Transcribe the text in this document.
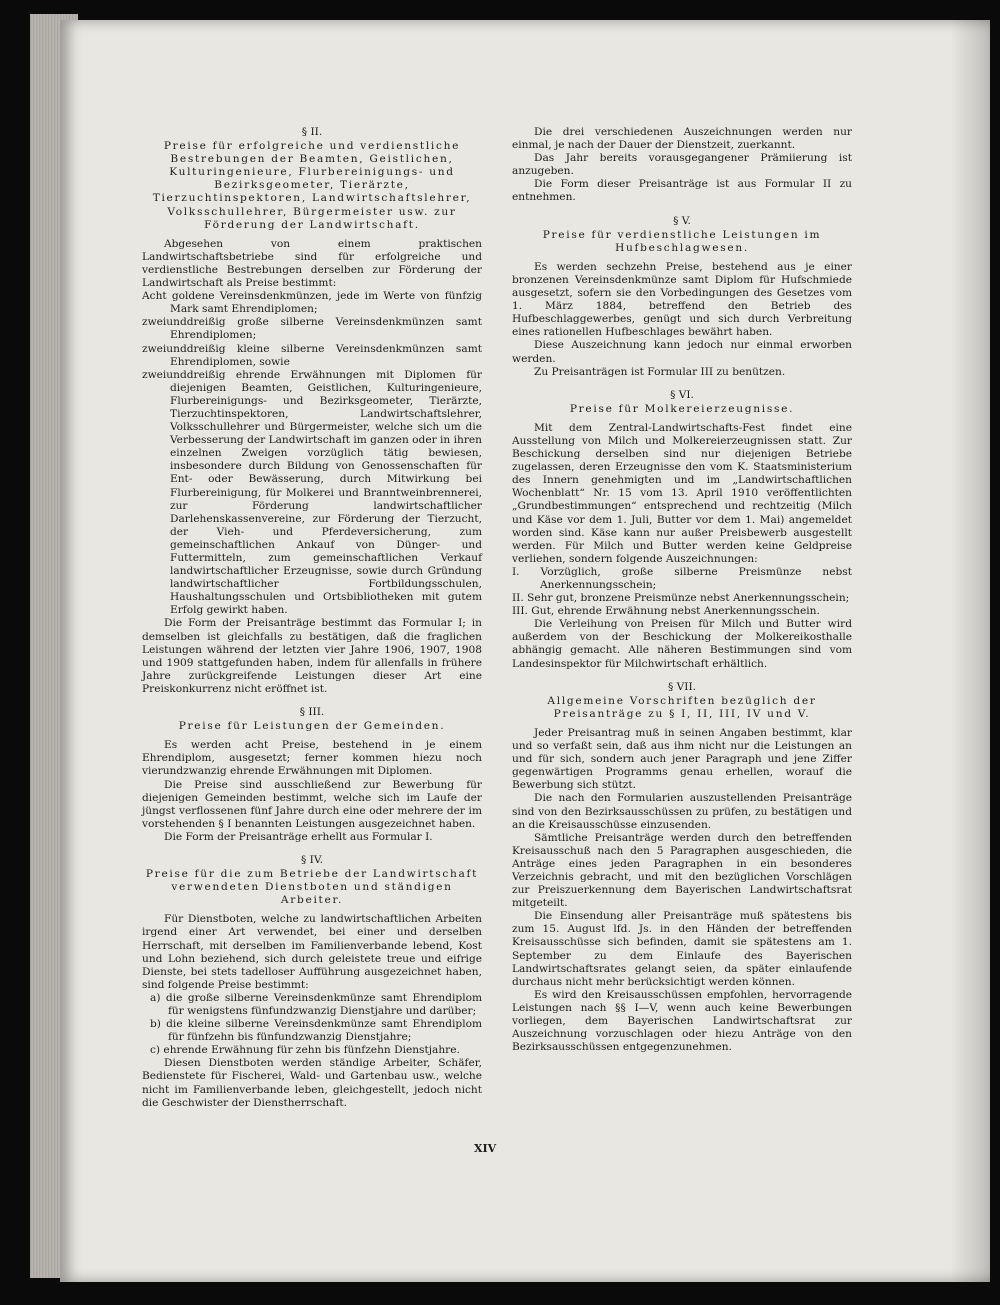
§ II.

Preise für erfolgreiche und verdienstliche Bestrebungen der Beamten, Geistlichen, Kulturingenieure, Flurbereinigungs- und Bezirksgeometer, Tierärzte, Tierzuchtinspektoren, Landwirtschaftslehrer, Volksschullehrer, Bürgermeister usw. zur Förderung der Landwirtschaft.

Abgesehen von einem praktischen Landwirtschaftsbetriebe sind für erfolgreiche und verdienstliche Bestrebungen derselben zur Förderung der Landwirtschaft als Preise bestimmt:

Acht goldene Vereinsdenkmünzen, jede im Werte von fünfzig Mark samt Ehrendiplomen;

zweiunddreißig große silberne Vereinsdenkmünzen samt Ehrendiplomen;

zweiunddreißig kleine silberne Vereinsdenkmünzen samt Ehrendiplomen, sowie

zweiunddreißig ehrende Erwähnungen mit Diplomen für diejenigen Beamten, Geistlichen, Kulturingenieure, Flurbereinigungs- und Bezirksgeometer, Tierärzte, Tierzuchtinspektoren, Landwirtschaftslehrer, Volksschullehrer und Bürgermeister, welche sich um die Verbesserung der Landwirtschaft im ganzen oder in ihren einzelnen Zweigen vorzüglich tätig bewiesen, insbesondere durch Bildung von Genossenschaften für Ent- oder Bewässerung, durch Mitwirkung bei Flurbereinigung, für Molkerei und Branntweinbrennerei, zur Förderung landwirtschaftlicher Darlehenskassenvereine, zur Förderung der Tierzucht, der Vieh- und Pferdeversicherung, zum gemeinschaftlichen Ankauf von Dünger- und Futtermitteln, zum gemeinschaftlichen Verkauf landwirtschaftlicher Erzeugnisse, sowie durch Gründung landwirtschaftlicher Fortbildungsschulen, Haushaltungsschulen und Ortsbibliotheken mit gutem Erfolg gewirkt haben.

Die Form der Preisanträge bestimmt das Formular I; in demselben ist gleichfalls zu bestätigen, daß die fraglichen Leistungen während der letzten vier Jahre 1906, 1907, 1908 und 1909 stattgefunden haben, indem für allenfalls in frühere Jahre zurückgreifende Leistungen dieser Art eine Preiskonkurrenz nicht eröffnet ist.

§ III.

Preise für Leistungen der Gemeinden.

Es werden acht Preise, bestehend in je einem Ehrendiplom, ausgesetzt; ferner kommen hiezu noch vierundzwanzig ehrende Erwähnungen mit Diplomen.

Die Preise sind ausschließend zur Bewerbung für diejenigen Gemeinden bestimmt, welche sich im Laufe der jüngst verflossenen fünf Jahre durch eine oder mehrere der im vorstehenden § I benannten Leistungen ausgezeichnet haben.

Die Form der Preisanträge erhellt aus Formular I.

§ IV.

Preise für die zum Betriebe der Landwirtschaft verwendeten Dienstboten und ständigen Arbeiter.

Für Dienstboten, welche zu landwirtschaftlichen Arbeiten irgend einer Art verwendet, bei einer und derselben Herrschaft, mit derselben im Familienverbande lebend, Kost und Lohn beziehend, sich durch geleistete treue und eifrige Dienste, bei stets tadelloser Aufführung ausgezeichnet haben, sind folgende Preise bestimmt:

a) die große silberne Vereinsdenkmünze samt Ehrendiplom für wenigstens fünfundzwanzig Dienstjahre und darüber;

b) die kleine silberne Vereinsdenkmünze samt Ehrendiplom für fünfzehn bis fünfundzwanzig Dienstjahre;

c) ehrende Erwähnung für zehn bis fünfzehn Dienstjahre.

Diesen Dienstboten werden ständige Arbeiter, Schäfer, Bedienstete für Fischerei, Wald- und Gartenbau usw., welche nicht im Familienverbande leben, gleichgestellt, jedoch nicht die Geschwister der Dienstherrschaft.

Die drei verschiedenen Auszeichnungen werden nur einmal, je nach der Dauer der Dienstzeit, zuerkannt.

Das Jahr bereits vorausgegangener Prämiierung ist anzugeben.

Die Form dieser Preisanträge ist aus Formular II zu entnehmen.

§ V.

Preise für verdienstliche Leistungen im Hufbeschlagwesen.

Es werden sechzehn Preise, bestehend aus je einer bronzenen Vereinsdenkmünze samt Diplom für Hufschmiede ausgesetzt, sofern sie den Vorbedingungen des Gesetzes vom 1. März 1884, betreffend den Betrieb des Hufbeschlaggewerbes, genügt und sich durch Verbreitung eines rationellen Hufbeschlages bewährt haben.

Diese Auszeichnung kann jedoch nur einmal erworben werden.

Zu Preisanträgen ist Formular III zu benützen.

§ VI.

Preise für Molkereierzeugnisse.

Mit dem Zentral-Landwirtschafts-Fest findet eine Ausstellung von Milch und Molkereierzeugnissen statt. Zur Beschickung derselben sind nur diejenigen Betriebe zugelassen, deren Erzeugnisse den vom K. Staatsministerium des Innern genehmigten und im „Landwirtschaftlichen Wochenblatt“ Nr. 15 vom 13. April 1910 veröffentlichten „Grundbestimmungen“ entsprechend und rechtzeitig (Milch und Käse vor dem 1. Juli, Butter vor dem 1. Mai) angemeldet worden sind. Käse kann nur außer Preisbewerb ausgestellt werden. Für Milch und Butter werden keine Geldpreise verliehen, sondern folgende Auszeichnungen:

I. Vorzüglich, große silberne Preismünze nebst Anerkennungsschein;

II. Sehr gut, bronzene Preismünze nebst Anerkennungsschein;

III. Gut, ehrende Erwähnung nebst Anerkennungsschein.

Die Verleihung von Preisen für Milch und Butter wird außerdem von der Beschickung der Molkereikosthalle abhängig gemacht. Alle näheren Bestimmungen sind vom Landesinspektor für Milchwirtschaft erhältlich.

§ VII.

Allgemeine Vorschriften bezüglich der Preisanträge zu § I, II, III, IV und V.

Jeder Preisantrag muß in seinen Angaben bestimmt, klar und so verfaßt sein, daß aus ihm nicht nur die Leistungen an und für sich, sondern auch jener Paragraph und jene Ziffer gegenwärtigen Programms genau erhellen, worauf die Bewerbung sich stützt.

Die nach den Formularien auszustellenden Preisanträge sind von den Bezirksausschüssen zu prüfen, zu bestätigen und an die Kreisausschüsse einzusenden.

Sämtliche Preisanträge werden durch den betreffenden Kreisausschuß nach den 5 Paragraphen ausgeschieden, die Anträge eines jeden Paragraphen in ein besonderes Verzeichnis gebracht, und mit den bezüglichen Vorschlägen zur Preiszuerkennung dem Bayerischen Landwirtschaftsrat mitgeteilt.

Die Einsendung aller Preisanträge muß spätestens bis zum 15. August lfd. Js. in den Händen der betreffenden Kreisausschüsse sich befinden, damit sie spätestens am 1. September zu dem Einlaufe des Bayerischen Landwirtschaftsrates gelangt seien, da später einlaufende durchaus nicht mehr berücksichtigt werden können.

Es wird den Kreisausschüssen empfohlen, hervorragende Leistungen nach §§ I—V, wenn auch keine Bewerbungen vorliegen, dem Bayerischen Landwirtschaftsrat zur Auszeichnung vorzuschlagen oder hiezu Anträge von den Bezirksausschüssen entgegenzunehmen.

XIV
